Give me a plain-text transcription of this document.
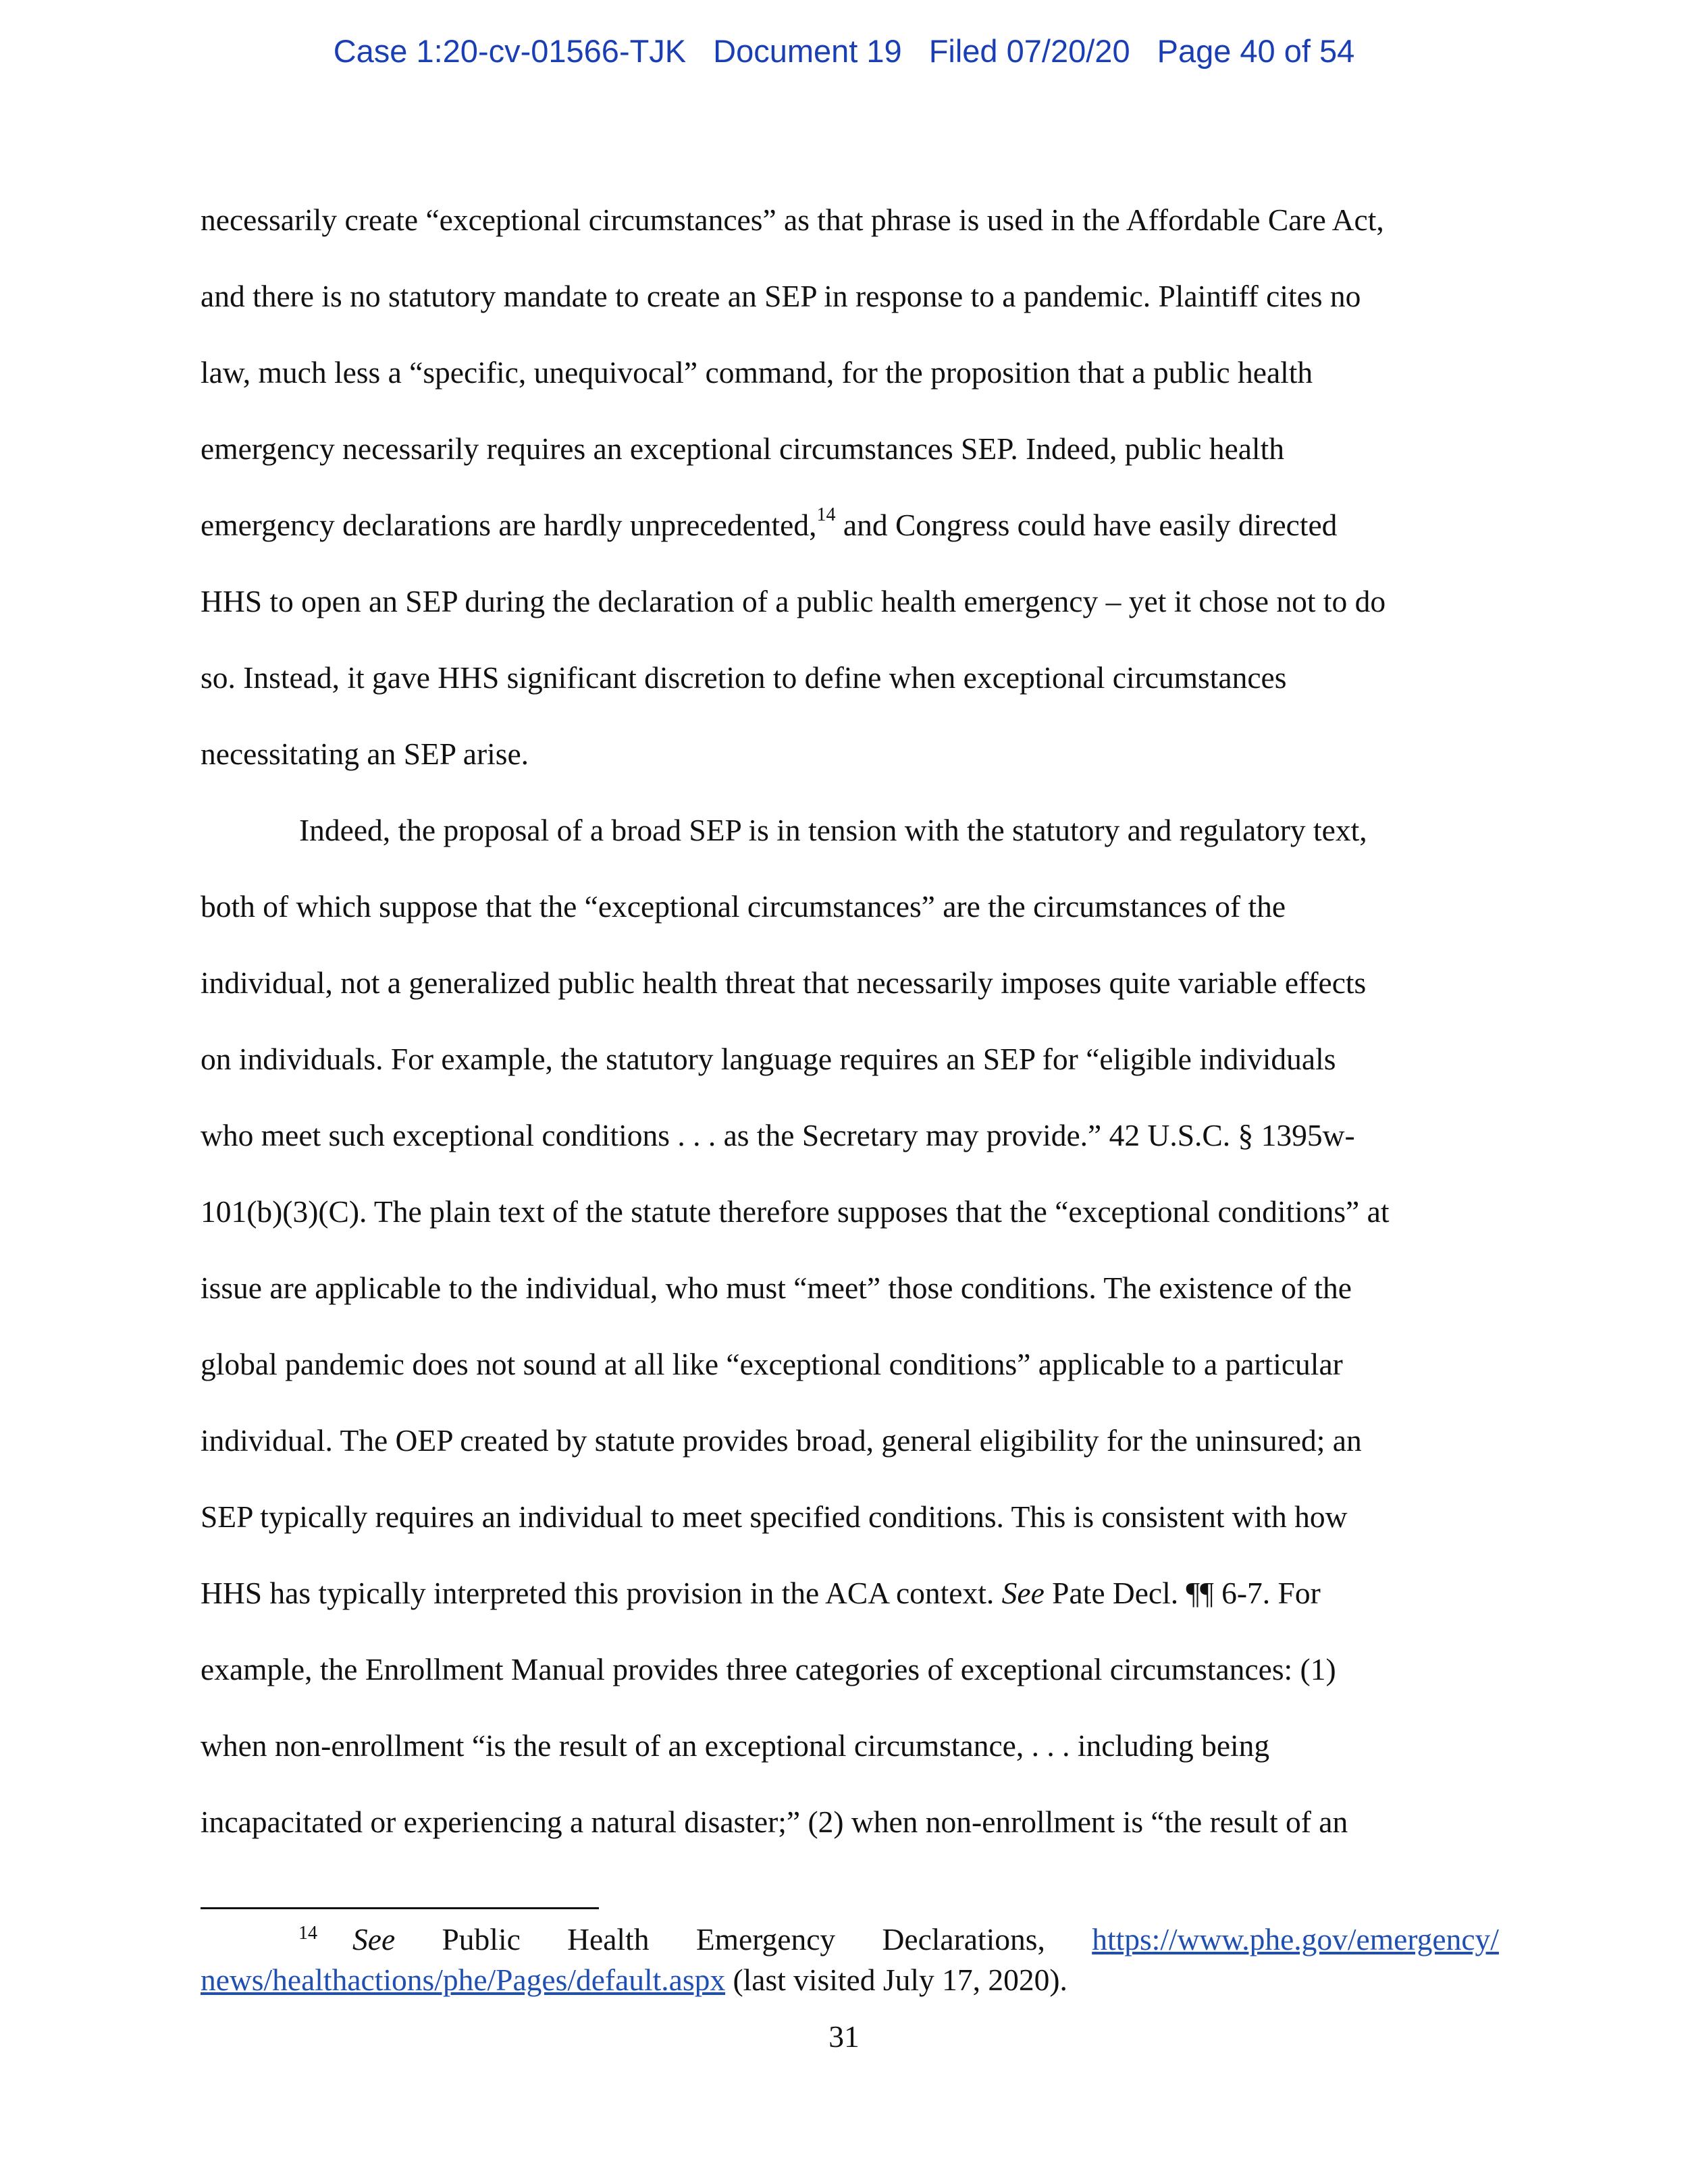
Case 1:20-cv-01566-TJK Document 19 Filed 07/20/20 Page 40 of 54
necessarily create “exceptional circumstances” as that phrase is used in the Affordable Care Act,
and there is no statutory mandate to create an SEP in response to a pandemic. Plaintiff cites no
law, much less a “specific, unequivocal” command, for the proposition that a public health
emergency necessarily requires an exceptional circumstances SEP. Indeed, public health
emergency declarations are hardly unprecedented,$^{14}$ and Congress could have easily directed
HHS to open an SEP during the declaration of a public health emergency – yet it chose not to do
so. Instead, it gave HHS significant discretion to define when exceptional circumstances
necessitating an SEP arise.
Indeed, the proposal of a broad SEP is in tension with the statutory and regulatory text,
both of which suppose that the “exceptional circumstances” are the circumstances of the
individual, not a generalized public health threat that necessarily imposes quite variable effects
on individuals. For example, the statutory language requires an SEP for “eligible individuals
who meet such exceptional conditions . . . as the Secretary may provide.” 42 U.S.C. § 1395w-
101(b)(3)(C). The plain text of the statute therefore supposes that the “exceptional conditions” at
issue are applicable to the individual, who must “meet” those conditions. The existence of the
global pandemic does not sound at all like “exceptional conditions” applicable to a particular
individual. The OEP created by statute provides broad, general eligibility for the uninsured; an
SEP typically requires an individual to meet specified conditions. This is consistent with how
HHS has typically interpreted this provision in the ACA context. See Pate Decl. ¶¶ 6-7. For
example, the Enrollment Manual provides three categories of exceptional circumstances: (1)
when non-enrollment “is the result of an exceptional circumstance, . . . including being
incapacitated or experiencing a natural disaster;” (2) when non-enrollment is “the result of an
$^{14}$ See Public Health Emergency Declarations, https://www.phe.gov/emergency/
news/healthactions/phe/Pages/default.aspx (last visited July 17, 2020).
31
